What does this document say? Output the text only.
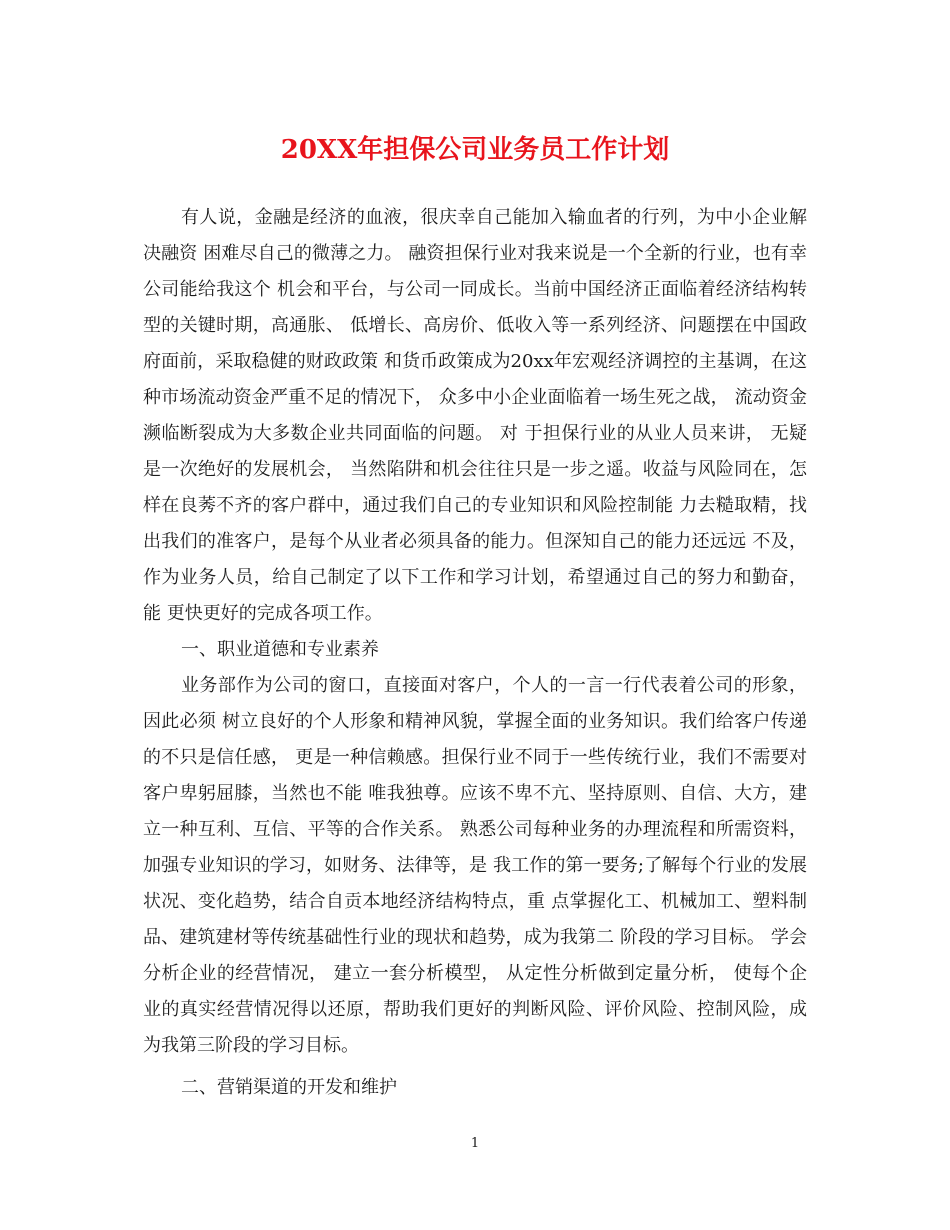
20XX年担保公司业务员工作计划

有人说，金融是经济的血液，很庆幸自己能加入输血者的行列，为中小企业解决融资 困难尽自己的微薄之力。 融资担保行业对我来说是一个全新的行业，也有幸公司能给我这个 机会和平台，与公司一同成长。当前中国经济正面临着经济结构转型的关键时期，高通胀、 低增长、高房价、低收入等一系列经济、问题摆在中国政府面前，采取稳健的财政政策 和货币政策成为20xx年宏观经济调控的主基调，在这种市场流动资金严重不足的情况下， 众多中小企业面临着一场生死之战， 流动资金濒临断裂成为大多数企业共同面临的问题。 对 于担保行业的从业人员来讲， 无疑是一次绝好的发展机会， 当然陷阱和机会往往只是一步之遥。收益与风险同在，怎样在良莠不齐的客户群中，通过我们自己的专业知识和风险控制能 力去糙取精，找出我们的准客户，是每个从业者必须具备的能力。但深知自己的能力还远远 不及，作为业务人员，给自己制定了以下工作和学习计划，希望通过自己的努力和勤奋，能 更快更好的完成各项工作。

一、职业道德和专业素养

业务部作为公司的窗口，直接面对客户，个人的一言一行代表着公司的形象，因此必须 树立良好的个人形象和精神风貌，掌握全面的业务知识。我们给客户传递的不只是信任感， 更是一种信赖感。担保行业不同于一些传统行业，我们不需要对客户卑躬屈膝，当然也不能 唯我独尊。应该不卑不亢、坚持原则、自信、大方，建立一种互利、互信、平等的合作关系。 熟悉公司每种业务的办理流程和所需资料，加强专业知识的学习，如财务、法律等，是 我工作的第一要务;了解每个行业的发展状况、变化趋势，结合自贡本地经济结构特点，重 点掌握化工、机械加工、塑料制品、建筑建材等传统基础性行业的现状和趋势，成为我第二 阶段的学习目标。 学会分析企业的经营情况， 建立一套分析模型， 从定性分析做到定量分析， 使每个企业的真实经营情况得以还原，帮助我们更好的判断风险、评价风险、控制风险，成 为我第三阶段的学习目标。

二、营销渠道的开发和维护

1
